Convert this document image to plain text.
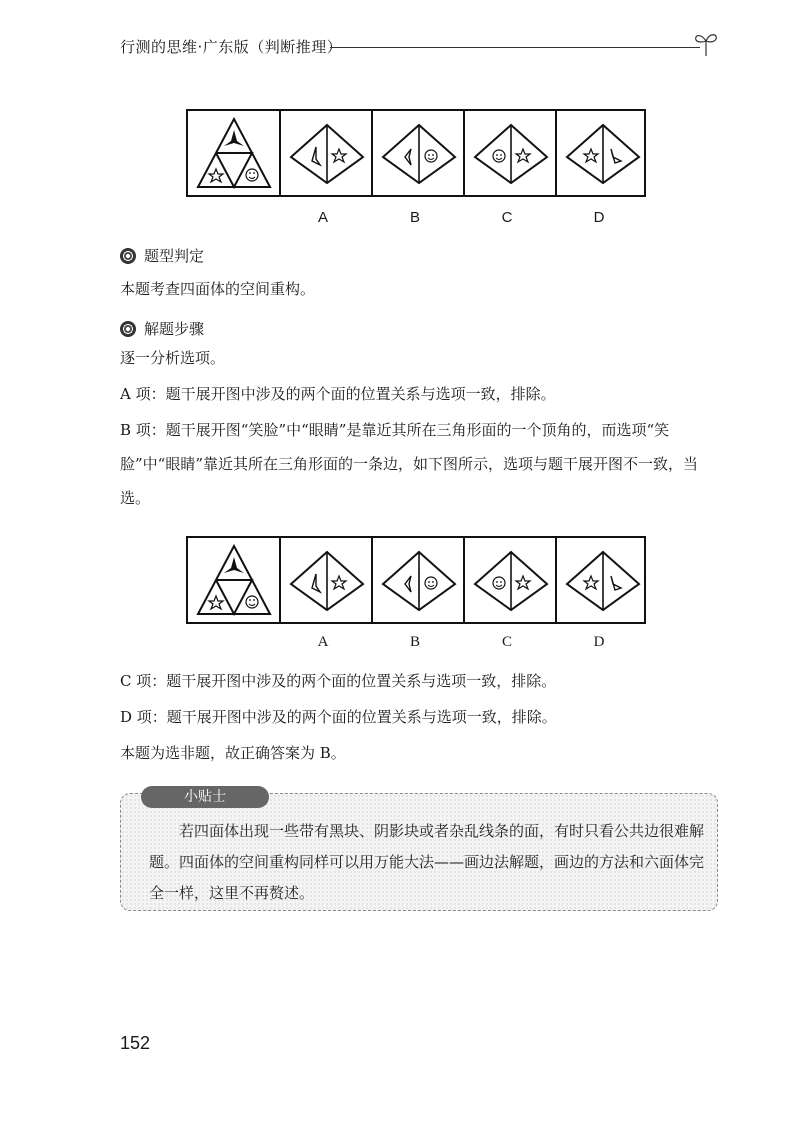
行测的思维·广东版（判断推理）
A	B	C	D
题型判定
本题考查四面体的空间重构。
解题步骤
逐一分析选项。
A 项：题干展开图中涉及的两个面的位置关系与选项一致，排除。
B 项：题干展开图“笑脸”中“眼睛”是靠近其所在三角形面的一个顶角的，而选项“笑脸”中“眼睛”靠近其所在三角形面的一条边，如下图所示，选项与题干展开图不一致，当选。
A	B	C	D
C 项：题干展开图中涉及的两个面的位置关系与选项一致，排除。
D 项：题干展开图中涉及的两个面的位置关系与选项一致，排除。
本题为选非题，故正确答案为 B。
小贴士
若四面体出现一些带有黑块、阴影块或者杂乱线条的面，有时只看公共边很难解题。四面体的空间重构同样可以用万能大法——画边法解题，画边的方法和六面体完全一样，这里不再赘述。
152
